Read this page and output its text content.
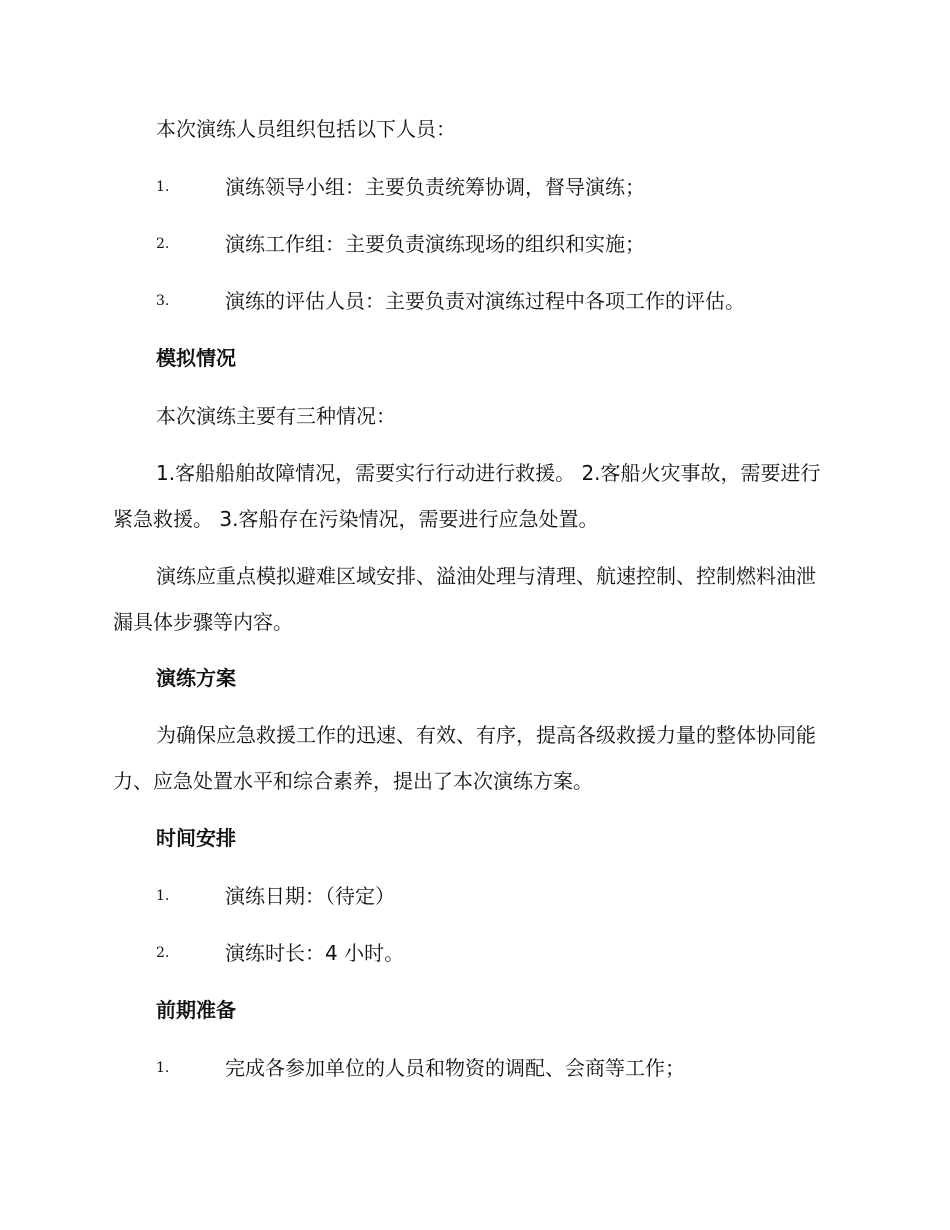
本次演练人员组织包括以下人员：
1.	演练领导小组：主要负责统筹协调，督导演练；
2.	演练工作组：主要负责演练现场的组织和实施；
3.	演练的评估人员：主要负责对演练过程中各项工作的评估。
模拟情况
本次演练主要有三种情况：

1.客船船舶故障情况，需要实行行动进行救援。 2.客船火灾事故，需要进行紧急救援。 3.客船存在污染情况，需要进行应急处置。

演练应重点模拟避难区域安排、溢油处理与清理、航速控制、控制燃料油泄漏具体步骤等内容。

演练方案

为确保应急救援工作的迅速、有效、有序，提高各级救援力量的整体协同能力、应急处置水平和综合素养，提出了本次演练方案。

时间安排
1.	演练日期：（待定）
2.	演练时长：4 小时。
前期准备
1.	完成各参加单位的人员和物资的调配、会商等工作；
